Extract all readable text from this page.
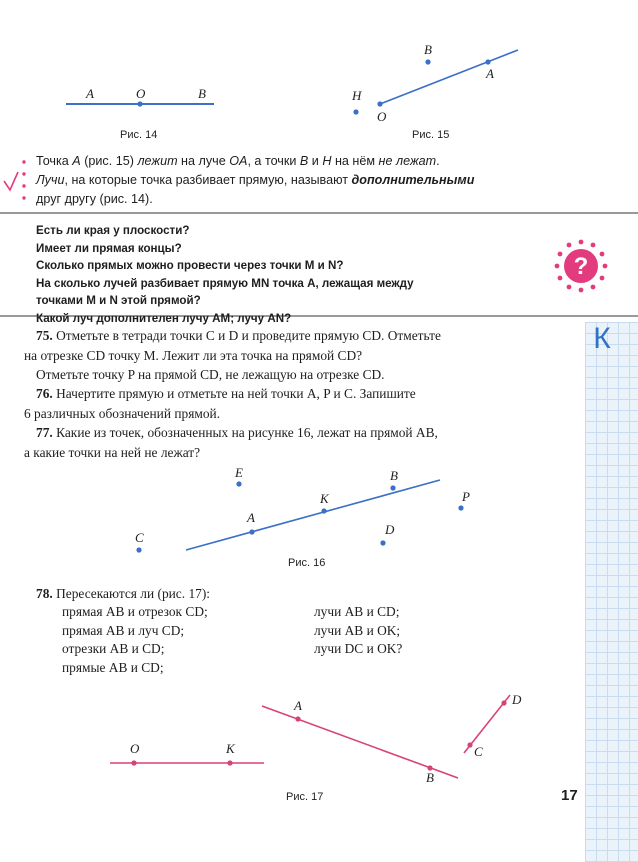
К
A	O	B
Рис. 14
B
A
H
O
Рис. 15
Точка A (рис. 15) лежит на луче OA, а точки B и H на нём не лежат.
Лучи, на которые точка разбивает прямую, называют дополнительными
друг другу (рис. 14).
Есть ли края у плоскости?
Имеет ли прямая концы?
Сколько прямых можно провести через точки M и N?
На сколько лучей разбивает прямую MN точка A, лежащая между
точками M и N этой прямой?
Какой луч дополнителен лучу AM; лучу AN?
?
75. Отметьте в тетради точки C и D и проведите прямую CD. Отметьте
на отрезке CD точку M. Лежит ли эта точка на прямой CD?
Отметьте точку P на прямой CD, не лежащую на отрезке CD.
76. Начертите прямую и отметьте на ней точки A, P и C. Запишите
6 различных обозначений прямой.
77. Какие из точек, обозначенных на рисунке 16, лежат на прямой AB,
а какие точки на ней не лежат?
E	B
K	P
A
C
D
Рис. 16
78. Пересекаются ли (рис. 17):
прямая AB и отрезок CD;
прямая AB и луч CD;
отрезки AB и CD;
прямые AB и CD;
лучи AB и CD;
лучи AB и OK;
лучи DC и OK?
A	D
O	K	C
B
Рис. 17	17
